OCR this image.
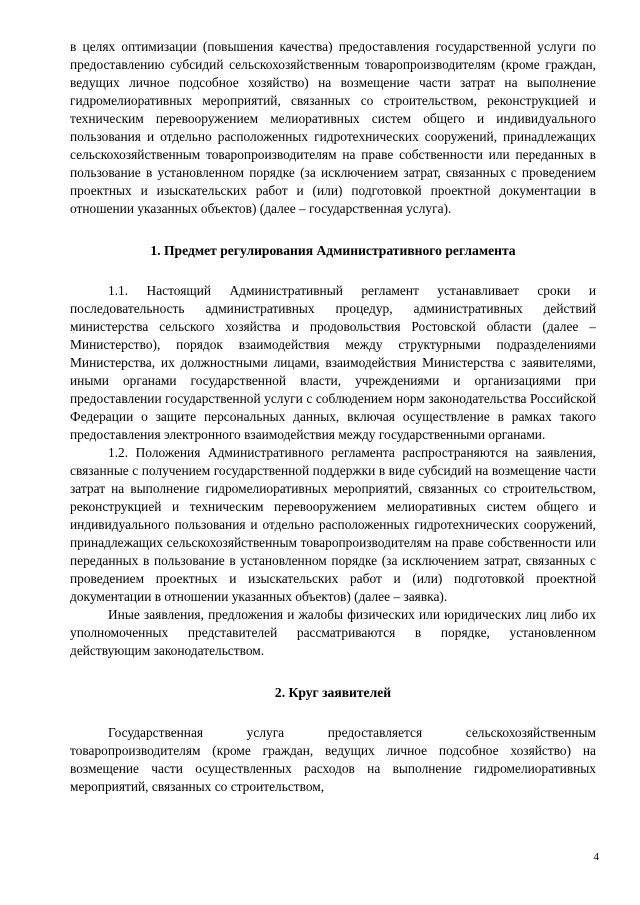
в целях оптимизации (повышения качества) предоставления государственной услуги по предоставлению субсидий сельскохозяйственным товаропроизводителям (кроме граждан, ведущих личное подсобное хозяйство) на возмещение части затрат на выполнение гидромелиоративных мероприятий, связанных со строительством, реконструкцией и техническим перевооружением мелиоративных систем общего и индивидуального пользования и отдельно расположенных гидротехнических сооружений, принадлежащих сельскохозяйственным товаропроизводителям на праве собственности или переданных в пользование в установленном порядке (за исключением затрат, связанных с проведением проектных и изыскательских работ и (или) подготовкой проектной документации в отношении указанных объектов) (далее – государственная услуга).

1. Предмет регулирования Административного регламента

1.1. Настоящий Административный регламент устанавливает сроки и последовательность административных процедур, административных действий министерства сельского хозяйства и продовольствия Ростовской области (далее – Министерство), порядок взаимодействия между структурными подразделениями Министерства, их должностными лицами, взаимодействия Министерства с заявителями, иными органами государственной власти, учреждениями и организациями при предоставлении государственной услуги с соблюдением норм законодательства Российской Федерации о защите персональных данных, включая осуществление в рамках такого предоставления электронного взаимодействия между государственными органами.

1.2. Положения Административного регламента распространяются на заявления, связанные с получением государственной поддержки в виде субсидий на возмещение части затрат на выполнение гидромелиоративных мероприятий, связанных со строительством, реконструкцией и техническим перевооружением мелиоративных систем общего и индивидуального пользования и отдельно расположенных гидротехнических сооружений, принадлежащих сельскохозяйственным товаропроизводителям на праве собственности или переданных в пользование в установленном порядке (за исключением затрат, связанных с проведением проектных и изыскательских работ и (или) подготовкой проектной документации в отношении указанных объектов) (далее – заявка).

Иные заявления, предложения и жалобы физических или юридических лиц либо их уполномоченных представителей рассматриваются в порядке, установленном действующим законодательством.

2. Круг заявителей

Государственная услуга предоставляется сельскохозяйственным товаропроизводителям (кроме граждан, ведущих личное подсобное хозяйство) на возмещение части осуществленных расходов на выполнение гидромелиоративных мероприятий, связанных со строительством,

4
